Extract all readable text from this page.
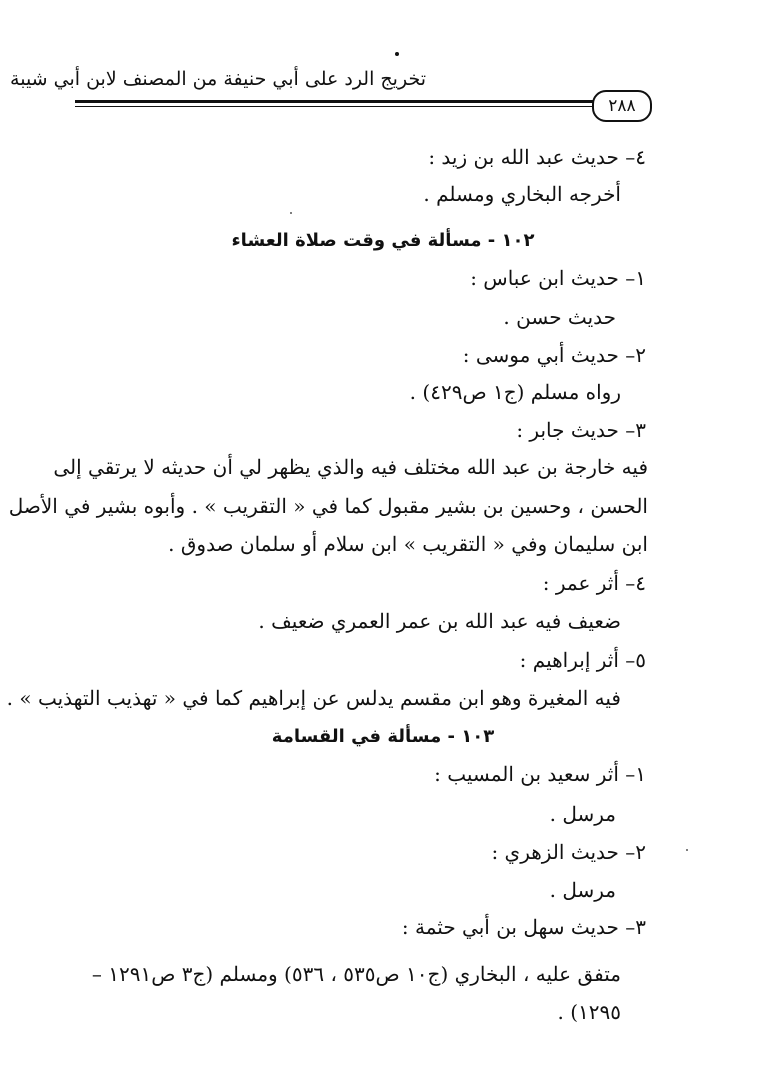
تخريج الرد على أبي حنيفة من المصنف لابن أبي شيبة
٢٨٨
٤– حديث عبد الله بن زيد :
أخرجه البخاري ومسلم .
١٠٢ - مسألة في وقت صلاة العشاء
١– حديث ابن عباس :
حديث حسن .
٢– حديث أبي موسى :
رواه مسلم (ج١ ص٤٢٩) .
٣– حديث جابر :
فيه خارجة بن عبد الله مختلف فيه والذي يظهر لي أن حديثه لا يرتقي إلى
الحسن ، وحسين بن بشير مقبول كما في « التقريب » . وأبوه بشير في الأصل
ابن سليمان وفي « التقريب » ابن سلام أو سلمان صدوق .
٤– أثر عمر :
ضعيف فيه عبد الله بن عمر العمري ضعيف .
٥– أثر إبراهيم :
فيه المغيرة وهو ابن مقسم يدلس عن إبراهيم كما في « تهذيب التهذيب » .
١٠٣ - مسألة في القسامة
١– أثر سعيد بن المسيب :
مرسل .
٢– حديث الزهري :
مرسل .
٣– حديث سهل بن أبي حثمة :
متفق عليه ، البخاري (ج١٠ ص٥٣٥ ، ٥٣٦) ومسلم (ج٣ ص١٢٩١ –
١٢٩٥) .
